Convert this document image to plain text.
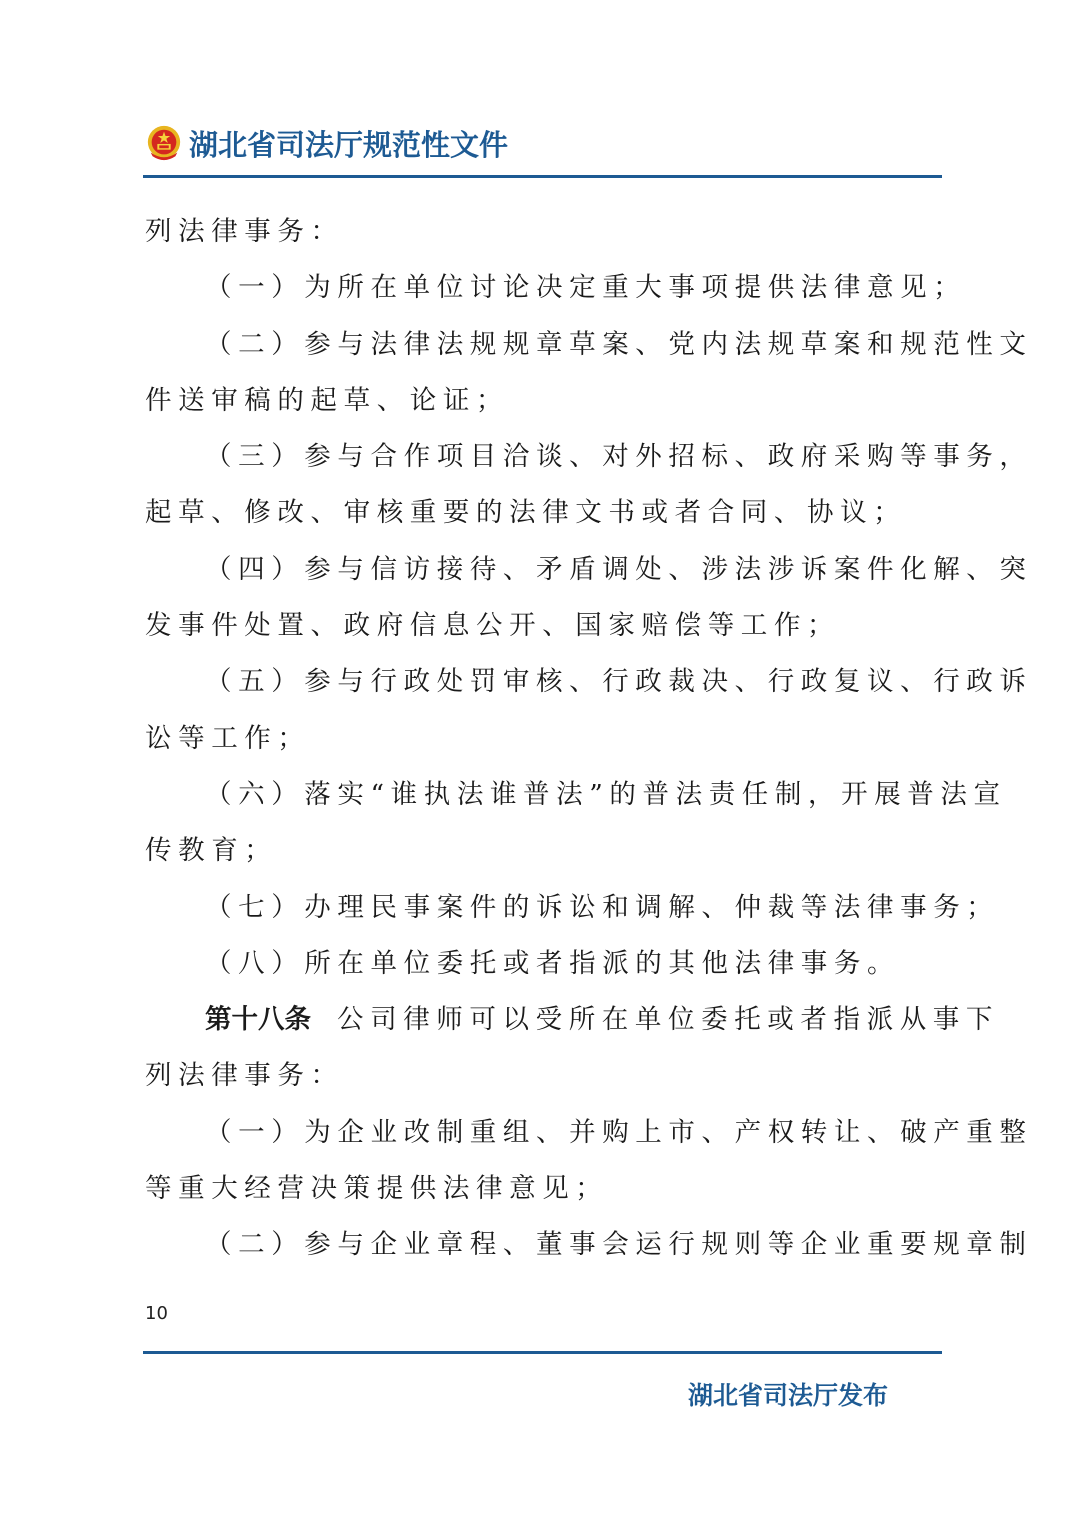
湖北省司法厅规范性文件
列法律事务：
（一）为所在单位讨论决定重大事项提供法律意见；
（二）参与法律法规规章草案、党内法规草案和规范性文
件送审稿的起草、论证；
（三）参与合作项目洽谈、对外招标、政府采购等事务，
起草、修改、审核重要的法律文书或者合同、协议；
（四）参与信访接待、矛盾调处、涉法涉诉案件化解、突
发事件处置、政府信息公开、国家赔偿等工作；
（五）参与行政处罚审核、行政裁决、行政复议、行政诉
讼等工作；
（六）落实“谁执法谁普法”的普法责任制，开展普法宣
传教育；
（七）办理民事案件的诉讼和调解、仲裁等法律事务；
（八）所在单位委托或者指派的其他法律事务。
第十八条 公司律师可以受所在单位委托或者指派从事下
列法律事务：
（一）为企业改制重组、并购上市、产权转让、破产重整
等重大经营决策提供法律意见；
（二）参与企业章程、董事会运行规则等企业重要规章制
10
湖北省司法厅发布
